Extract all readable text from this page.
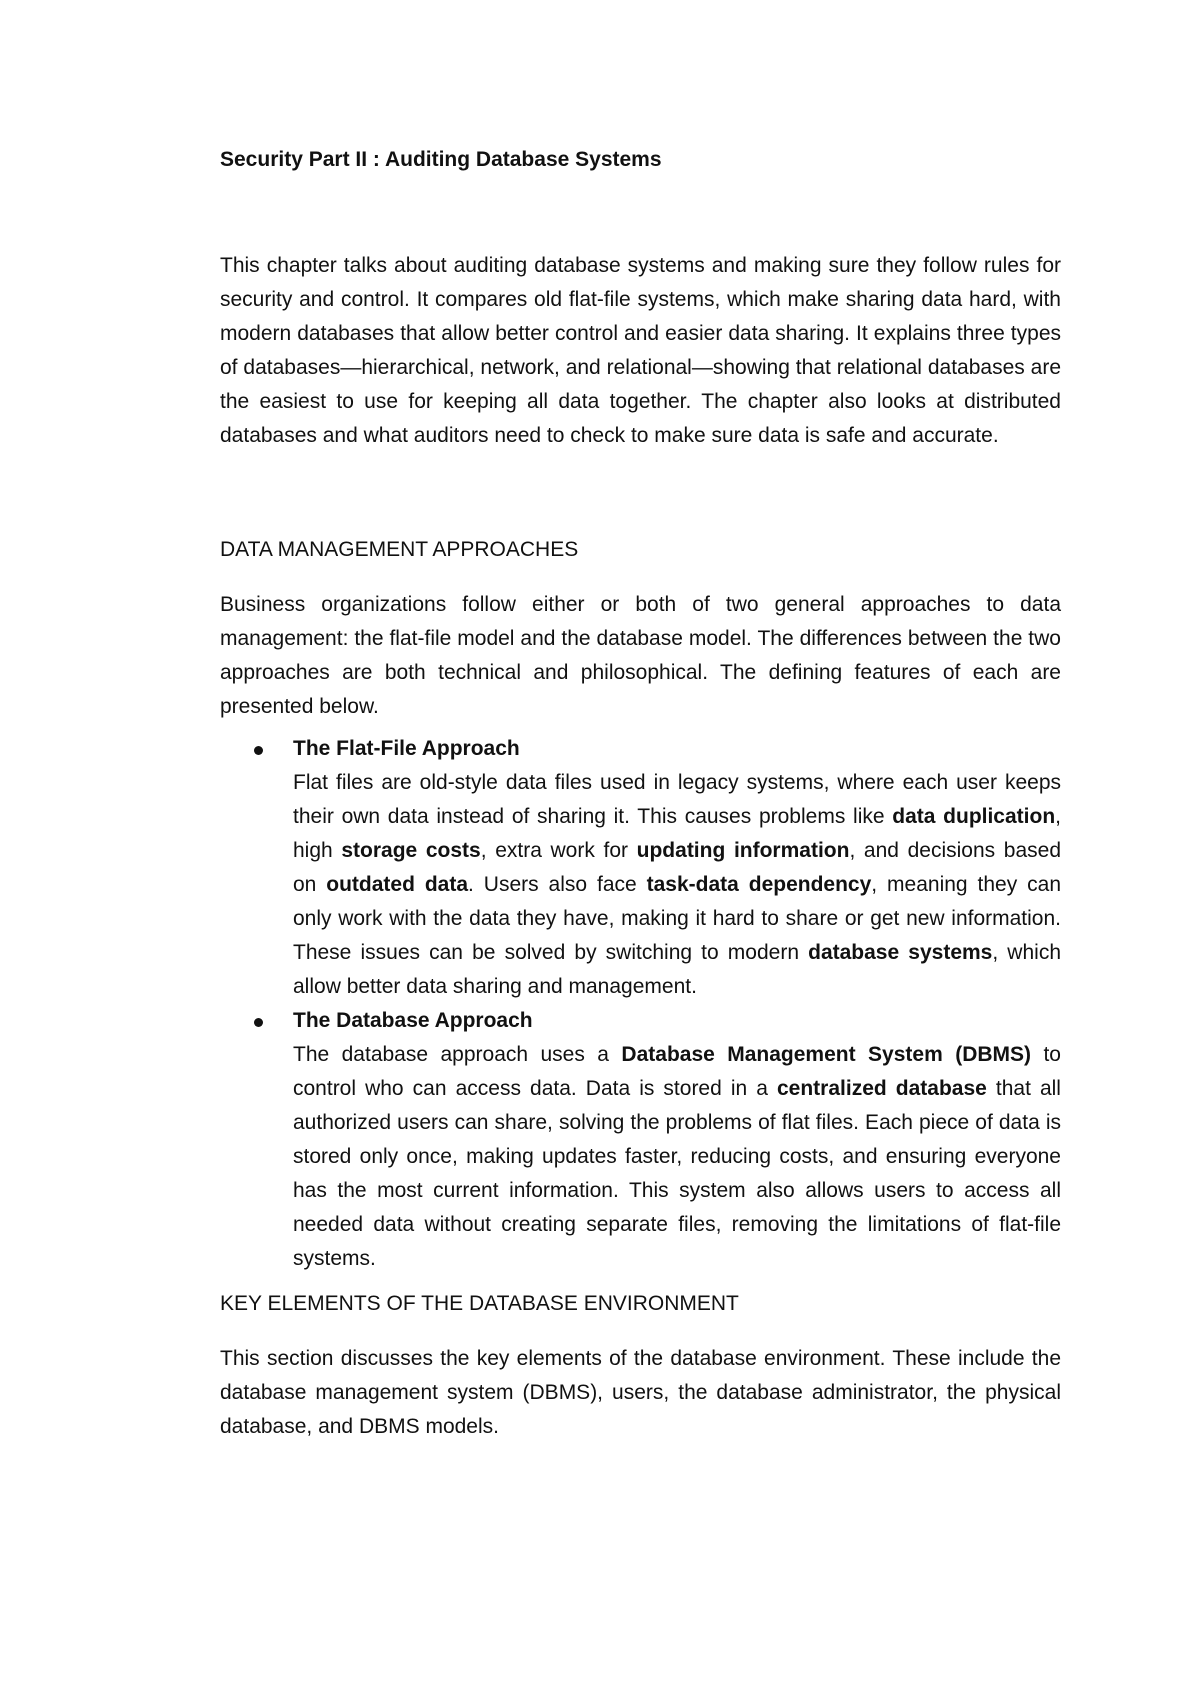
Security Part II : Auditing Database Systems

This chapter talks about auditing database systems and making sure they follow rules for security and control. It compares old flat-file systems, which make sharing data hard, with modern databases that allow better control and easier data sharing. It explains three types of databases—hierarchical, network, and relational—showing that relational databases are the easiest to use for keeping all data together. The chapter also looks at distributed databases and what auditors need to check to make sure data is safe and accurate.

DATA MANAGEMENT APPROACHES

Business organizations follow either or both of two general approaches to data management: the flat-file model and the database model. The differences between the two approaches are both technical and philosophical. The defining features of each are presented below.

The Flat-File Approach

Flat files are old-style data files used in legacy systems, where each user keeps their own data instead of sharing it. This causes problems like data duplication, high storage costs, extra work for updating information, and decisions based on outdated data. Users also face task-data dependency, meaning they can only work with the data they have, making it hard to share or get new information. These issues can be solved by switching to modern database systems, which allow better data sharing and management.

The Database Approach

The database approach uses a Database Management System (DBMS) to control who can access data. Data is stored in a centralized database that all authorized users can share, solving the problems of flat files. Each piece of data is stored only once, making updates faster, reducing costs, and ensuring everyone has the most current information. This system also allows users to access all needed data without creating separate files, removing the limitations of flat-file systems.

KEY ELEMENTS OF THE DATABASE ENVIRONMENT

This section discusses the key elements of the database environment. These include the database management system (DBMS), users, the database administrator, the physical database, and DBMS models.
